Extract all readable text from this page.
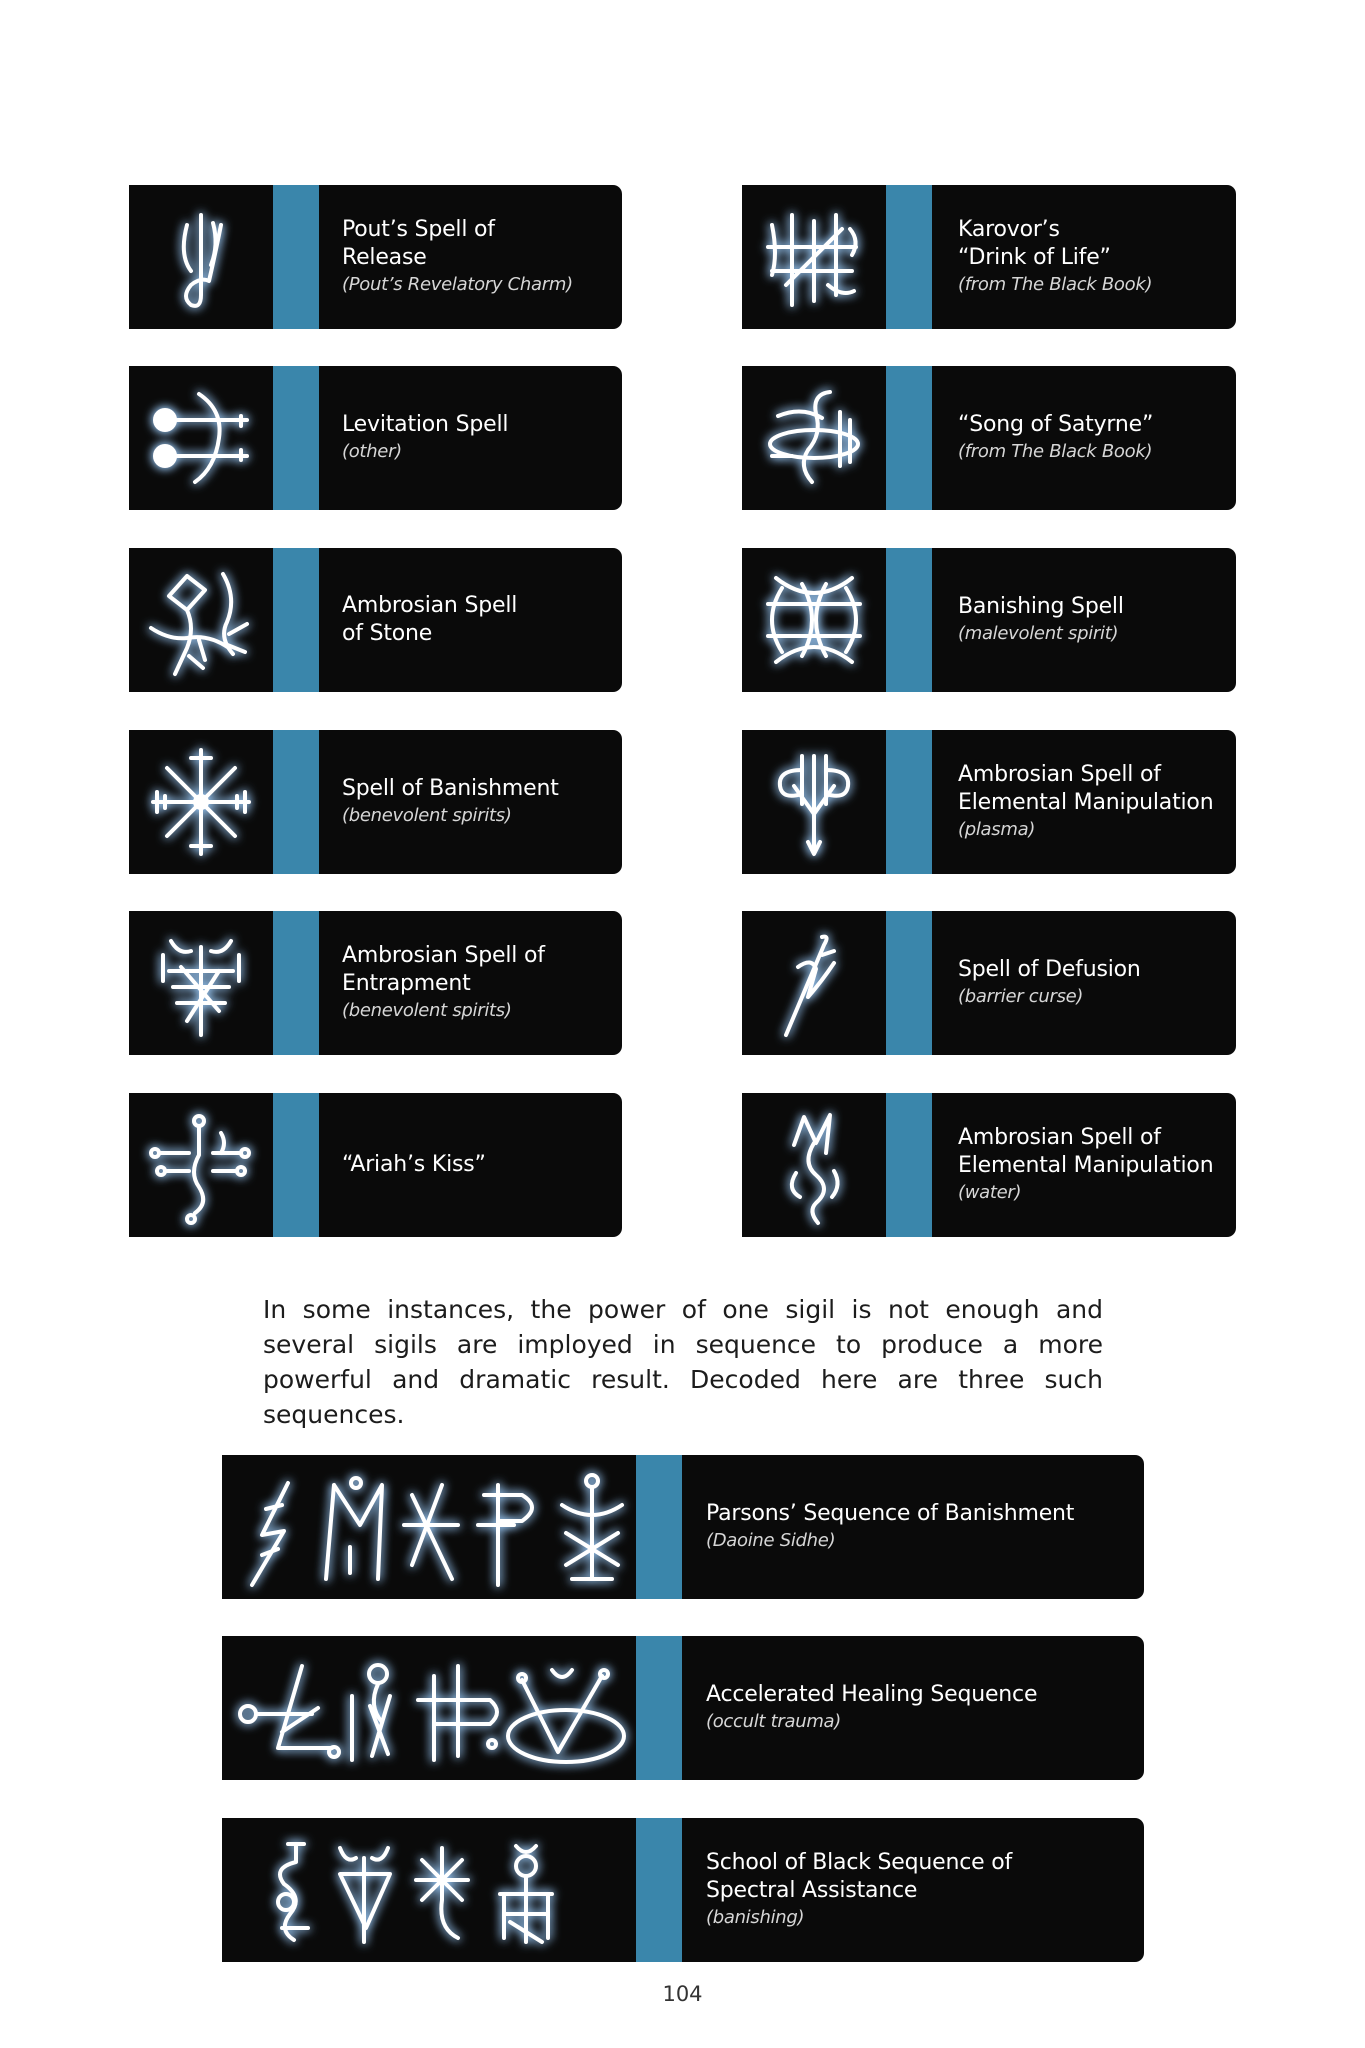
Pout’s Spell of
Release
(Pout’s Revelatory Charm)
Levitation Spell
(other)
Ambrosian Spell
of Stone
Spell of Banishment
(benevolent spirits)
Ambrosian Spell of
Entrapment
(benevolent spirits)
“Ariah’s Kiss”
Karovor’s
“Drink of Life”
(from The Black Book)
“Song of Satyrne”
(from The Black Book)
Banishing Spell
(malevolent spirit)
Ambrosian Spell of
Elemental Manipulation
(plasma)
Spell of Defusion
(barrier curse)
Ambrosian Spell of
Elemental Manipulation
(water)
In some instances, the power of one sigil is not enough and several sigils are imployed in sequence to produce a more powerful and dramatic result. Decoded here are three such sequences.
Parsons’ Sequence of Banishment
(Daoine Sidhe)
Accelerated Healing Sequence
(occult trauma)
School of Black Sequence of
Spectral Assistance
(banishing)
104
